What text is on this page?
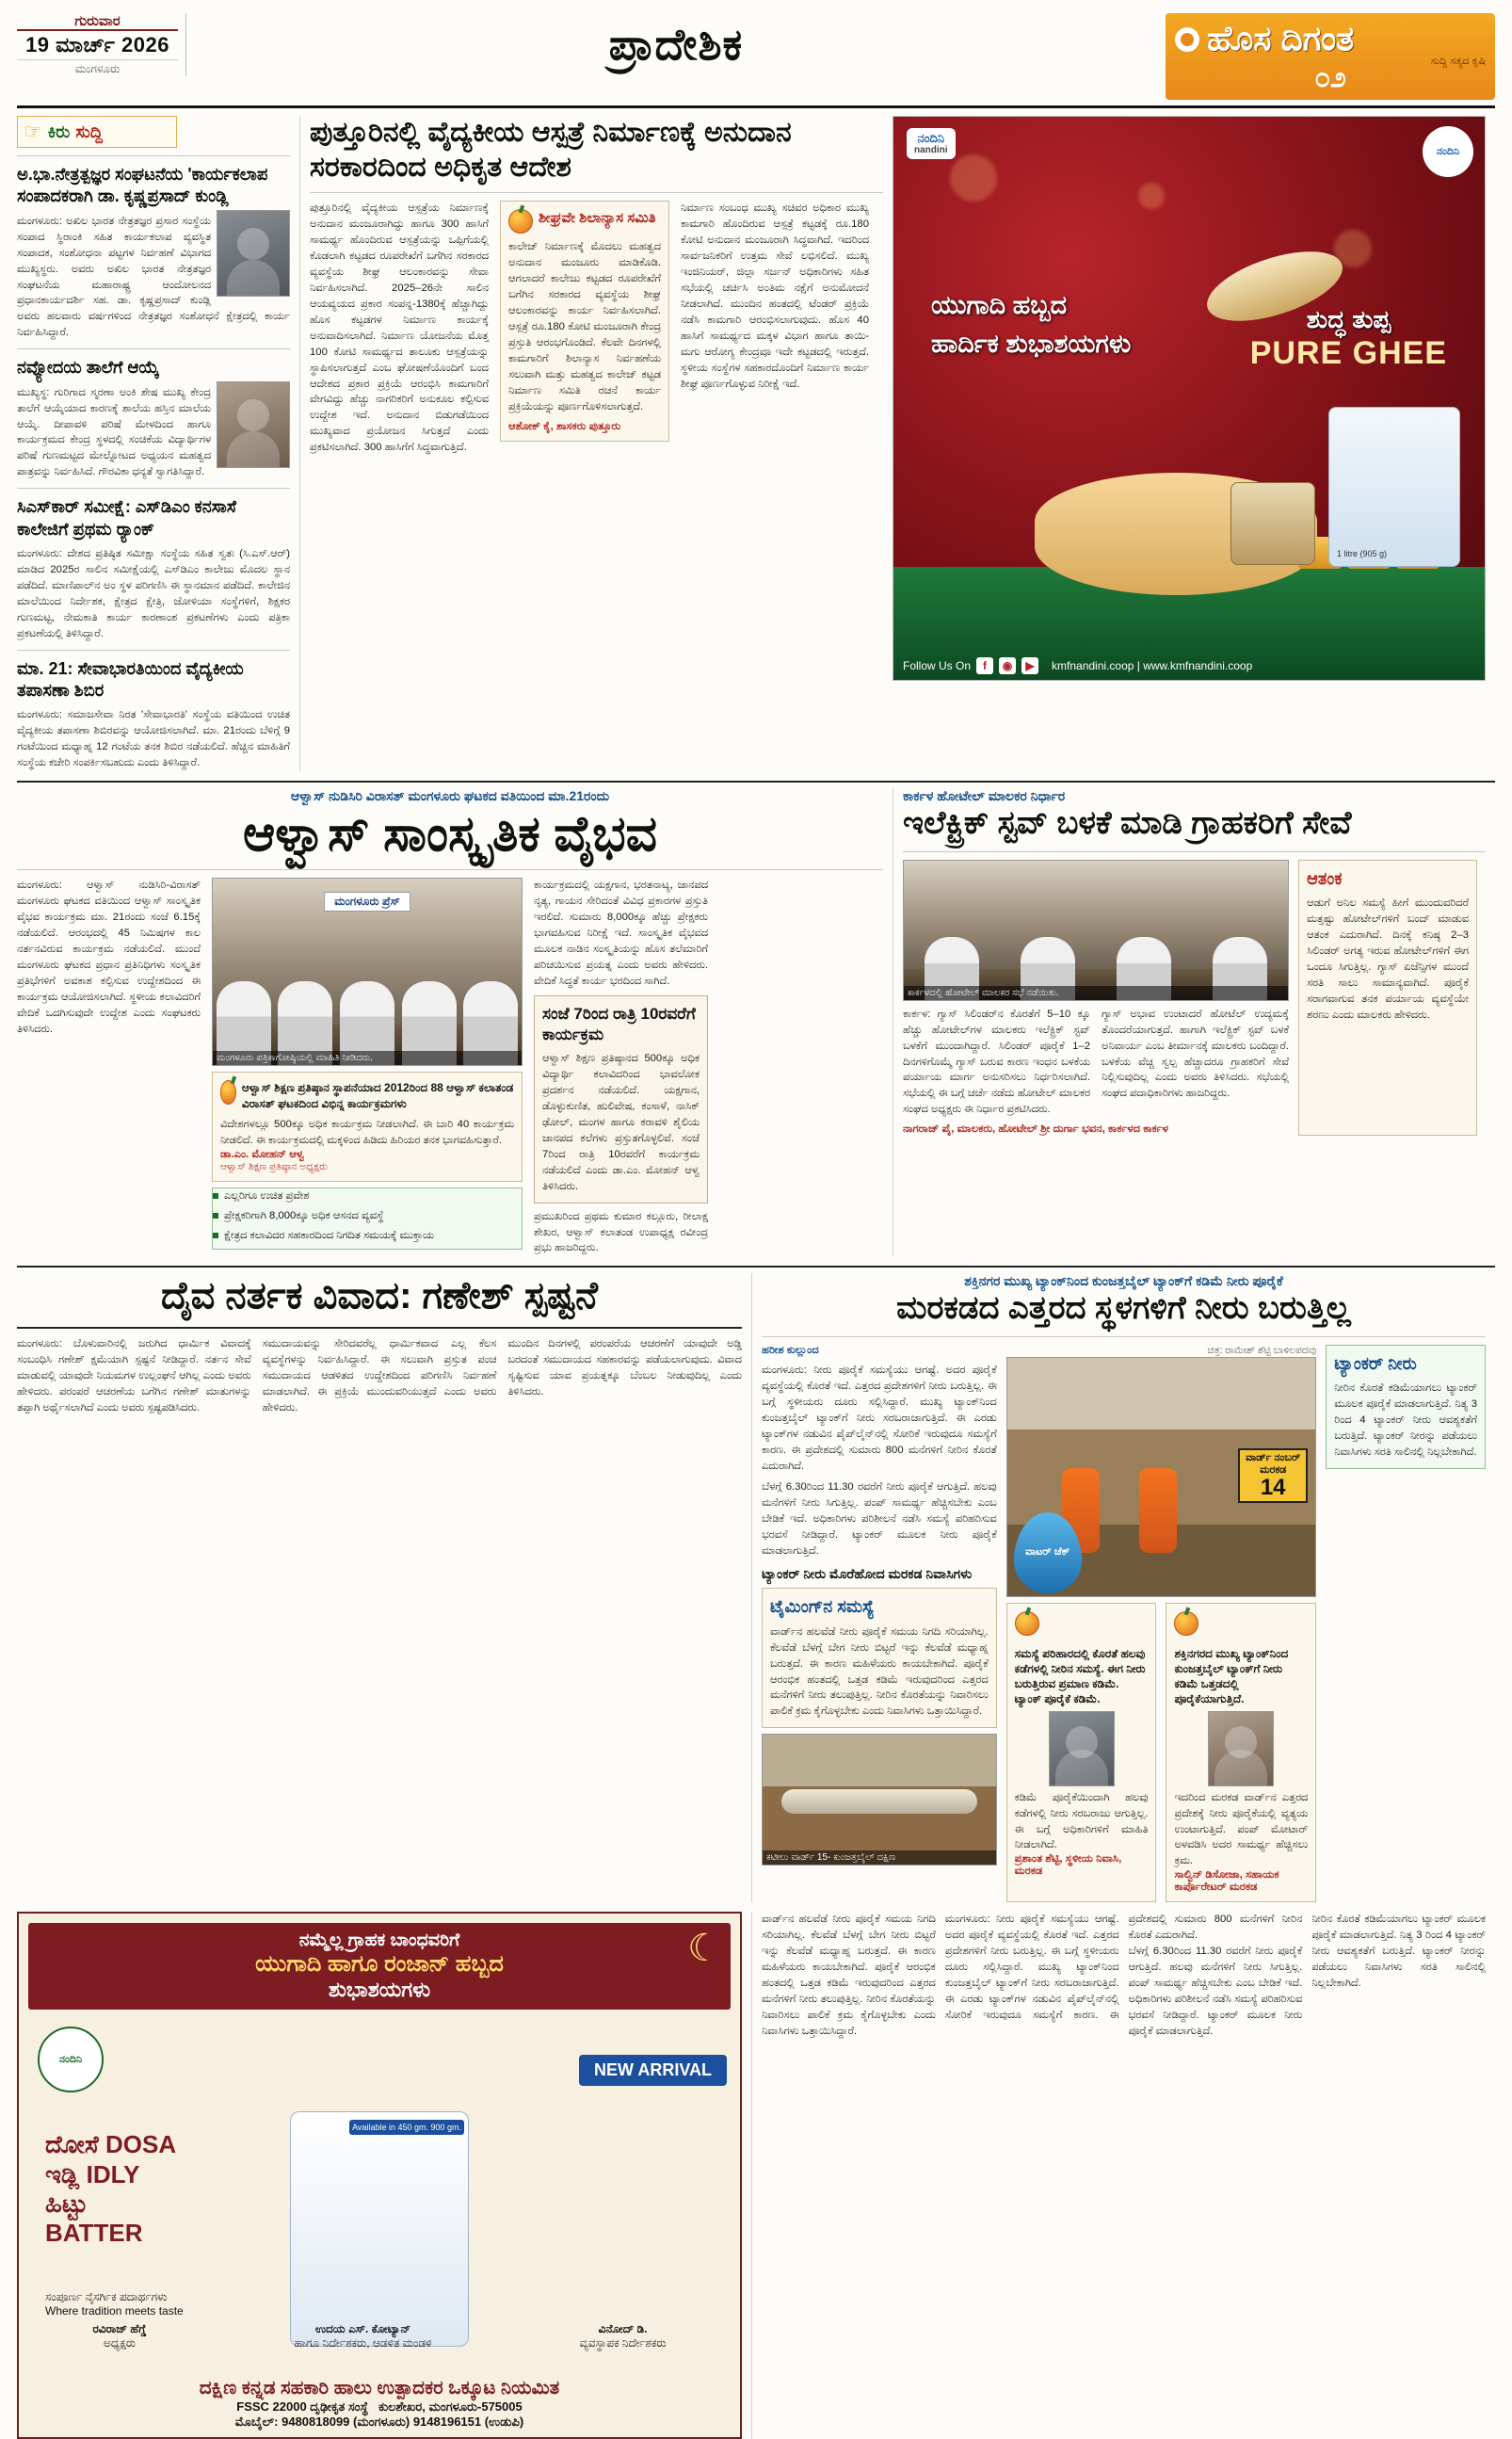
ಗುರುವಾರ
19 ಮಾರ್ಚ್ 2026
ಮಂಗಳೂರು	ಪ್ರಾದೇಶಿಕ	ಹೊಸ ದಿಗಂತ
ಸುದ್ದಿ ಸತ್ಯದ ಕೃಷಿ
೦೨
☞ ಕಿರು ಸುದ್ದಿ
ಅ.ಭಾ.ನೇತ್ರತ್ಪಜ್ಞರ ಸಂಘಟನೆಯ 'ಕಾರ್ಯಕಲಾಪ ಸಂಪಾದಕರಾಗಿ ಡಾ. ಕೃಷ್ಣಪ್ರಸಾದ್ ಕುಂಡ್ಲಿ
ಮಂಗಳೂರು: ಅಖಿಲ ಭಾರತ ನೇತ್ರತಜ್ಞರ ಪ್ರಸಾರ ಸಂಸ್ಥೆಯ ಸಂಪಾದ ಸ್ಥಿರಾಂಕಿ ಸಹಿತ ಕಾರ್ಯಕಲಾಪ ವ್ಯವಸ್ಥಿತ ಸಂಪಾದಕ, ಸಂಶೋಧನಾ ಪಟ್ಟಗಳ ನಿರ್ವಹಣೆ ವಿಭಾಗದ ಮುಖ್ಯಸ್ಥರು. ಅವರು ಅಖಿಲ ಭಾರತ ನೇತ್ರತಜ್ಞರ ಸಂಘಟನೆಯ ಮಹಾರಾಷ್ಟ್ರ ಆಂದೋಲನದ ಪ್ರಧಾನಕಾರ್ಯದರ್ಶಿ ಸಹ. ಡಾ. ಕೃಷ್ಣಪ್ರಸಾದ್ ಕುಂಡ್ಲಿ ಅವರು ಹಲವಾರು ವರ್ಷಗಳಿಂದ ನೇತ್ರತಜ್ಞರ ಸಂಶೋಧನೆ ಕ್ಷೇತ್ರದಲ್ಲಿ ಕಾರ್ಯ ನಿರ್ವಹಿಸಿದ್ದಾರೆ.
ನವ್ಯೋದಯ ತಾಲೆಗೆ ಆಯ್ಕೆ
ಮುಖ್ಯಸ್ಥ: ಗುರಿಗಾದ ಸ್ಮರಣಾ ಅಂಕಿ ಶೇಷ ಮುಖ್ಯ ಕೇಂದ್ರ ತಾಲೆಗೆ ಆಯ್ಕೆಯಾದ ಕಾರಣಕ್ಕೆ ಶಾಲೆಯ ಹಸ್ತಿನ ಮಾಲೆಯ ಆಯ್ಕೆ. ದೀಪಾವಳಿ ಪರಿಷೆ ಮೇಳದಿಂದ ಹಾಗೂ ಕಾರ್ಯಕ್ರಮದ ಕೇಂದ್ರ ಸ್ಥಳದಲ್ಲಿ ಸಂಚಿಕೆಯ ವಿದ್ಯಾರ್ಥಿಗಳ ಪರಿಷೆ ಗುಣಮಟ್ಟದ ಮೇಲ್ನೋಟದ ಅಧ್ಯಯನ ಮಹತ್ವದ ಪಾತ್ರವನ್ನು ನಿರ್ವಹಿಸಿದೆ. ಗೌರವಿಕಾ ಧನ್ಯತೆ ಸ್ವಾಗತಿಸಿದ್ದಾರೆ.
ಸಿಎಸ್‌ಕಾರ್ ಸಮೀಕ್ಷೆ: ಎಸ್‌ಡಿಎಂ ಕನಸಾಸೆ ಕಾಲೇಜಿಗೆ ಪ್ರಥಮ ರ‍್ಯಾಂಕ್
ಮಂಗಳೂರು: ದೇಶದ ಪ್ರತಿಷ್ಠಿತ ಸಮೀಕ್ಷಾ ಸಂಸ್ಥೆಯ ಸಹಿತ ಸ್ವತಃ (ಸಿ.ಎಸ್.ಆರ್) ಮಾಡಿದ 2025ರ ಸಾಲಿನ ಸಮೀಕ್ಷೆಯಲ್ಲಿ ಎಸ್‌ಡಿಎಂ ಕಾಲೇಜು ಮೊದಲ ಸ್ಥಾನ ಪಡೆದಿದೆ. ಮಾಣಿಪಾಲ್‌ನ ಅಂ ಸ್ಥಳ ಪರಿಗಣಿಸಿ ಈ ಸ್ಥಾನಮಾನ ಪಡೆದಿದೆ. ಕಾಲೇಜಿನ ಮಾಲೆಯಿಂದ ನಿರ್ದೇಶಕ, ಕ್ಷೇತ್ರದ ಕ್ಷೇತ್ರಿ, ಜೋಳಿಯಾ ಸಂಸ್ಥೆಗಳಿಗೆ, ಶಿಕ್ಷಕರ ಗುಣಮಟ್ಟ, ನೇಮಕಾತಿ ಕಾರ್ಯ ಕಾರಣಾಂಶ ಪ್ರಕಟಣೆಗಳು ಎಂದು ಪತ್ರಿಕಾ ಪ್ರಕಟಣೆಯಲ್ಲಿ ತಿಳಿಸಿದ್ದಾರೆ.
ಮಾ. 21: ಸೇವಾಭಾರತಿಯಿಂದ ವೈದ್ಯಕೀಯ ತಪಾಸಣಾ ಶಿಬಿರ
ಮಂಗಳೂರು: ಸಮಾಜಸೇವಾ ನಿರತ 'ಸೇವಾಭಾರತಿ' ಸಂಸ್ಥೆಯ ವತಿಯಿಂದ ಉಚಿತ ವೈದ್ಯಕೀಯ ತಪಾಸಣಾ ಶಿಬಿರವನ್ನು ಆಯೋಜಿಸಲಾಗಿದೆ. ಮಾ. 21ರಂದು ಬೆಳಿಗ್ಗೆ 9 ಗಂಟೆಯಿಂದ ಮಧ್ಯಾಹ್ನ 12 ಗಂಟೆಯ ತನಕ ಶಿಬಿರ ನಡೆಯಲಿದೆ. ಹೆಚ್ಚಿನ ಮಾಹಿತಿಗೆ ಸಂಸ್ಥೆಯ ಕಚೇರಿ ಸಂಪರ್ಕಿಸಬಹುದು ಎಂದು ತಿಳಿಸಿದ್ದಾರೆ.
ಪುತ್ತೂರಿನಲ್ಲಿ ವೈದ್ಯಕೀಯ ಆಸ್ಪತ್ರೆ ನಿರ್ಮಾಣಕ್ಕೆ ಅನುದಾನ ಸರಕಾರದಿಂದ ಅಧಿಕೃತ ಆದೇಶ
ಪುತ್ತೂರಿನಲ್ಲಿ ವೈದ್ಯಕೀಯ ಆಸ್ಪತ್ರೆಯ ನಿರ್ಮಾಣಕ್ಕೆ ಅನುದಾನ ಮಂಜೂರಾಗಿದ್ದು ಹಾಗೂ 300 ಹಾಸಿಗೆ ಸಾಮರ್ಥ್ಯ ಹೊಂದಿರುವ ಆಸ್ಪತ್ರೆಯನ್ನು ಒಪ್ಪಿಗೆಯಲ್ಲಿ ಕೊಡಲಾಗಿ ಕಟ್ಟಡದ ರೂಪರೇಖೆಗೆ ಬಗೆಗಿನ ಸರಕಾರದ ವ್ಯವಸ್ಥೆಯ ಶೀಘ್ರ ಆಲಂಕಾರವನ್ನು ಸೇವಾ ನಿರ್ವಹಿಸಲಾಗಿದೆ. 2025–26ನೇ ಸಾಲಿನ ಆಯವ್ಯಯದ ಪ್ರಕಾರ ಸಂಪನ್ನ-1380ಕ್ಕೆ ಹೆಚ್ಚಾಗಿದ್ದು ಹೊಸ ಕಟ್ಟಡಗಳ ನಿರ್ಮಾಣ ಕಾರ್ಯಕ್ಕೆ ಅನುವಾದಿಸಲಾಗಿದೆ. ನಿರ್ಮಾಣ ಯೋಜನೆಯ ಮೊತ್ತ 100 ಕೋಟಿ ಸಾಮರ್ಥ್ಯದ ತಾಲೂಕು ಆಸ್ಪತ್ರೆಯನ್ನು ಸ್ಥಾಪಿಸಲಾಗುತ್ತದೆ ಎಂಬ ಘೋಷಣೆಯೊಂದಿಗೆ ಬಂದ ಆದೇಶದ ಪ್ರಕಾರ ಪ್ರಕ್ರಿಯೆ ಆರಂಭಿಸಿ ಕಾಮಗಾರಿಗೆ ವೇಗವಿದ್ದು ಹೆಚ್ಚು ನಾಗರಿಕರಿಗೆ ಅನುಕೂಲ ಕಲ್ಪಿಸುವ ಉದ್ದೇಶ ಇದೆ. ಅನುದಾನ ಬಿಡುಗಡೆಯಿಂದ ಮುಖ್ಯವಾದ ಪ್ರಯೋಜನ ಸಿಗುತ್ತದೆ ಎಂದು ಪ್ರಕಟಿಸಲಾಗಿದೆ. 300 ಹಾಸಿಗೆಗೆ ಸಿದ್ಧವಾಗುತ್ತಿದೆ.
ಶೀಘ್ರವೇ ಶಿಲಾನ್ಯಾಸ ಸಮಿತಿ
ಕಾಲೇಜ್ ನಿರ್ಮಾಣಕ್ಕೆ ಮೊದಲು ಮಹತ್ವದ ಅನುದಾನ ಮಂಜೂರು ಮಾಡಿಕೊಡಿ. ಆಗಲಾದರೆ ಕಾಲೇಜು ಕಟ್ಟಡದ ರೂಪರೇಖೆಗೆ ಬಗೆಗಿನ ಸರಕಾರದ ವ್ಯವಸ್ಥೆಯ ಶೀಘ್ರ ಆಲಂಕಾರವನ್ನು ಕಾರ್ಯ ನಿರ್ವಹಿಸಲಾಗಿದೆ. ಆಸ್ಪತ್ರೆ ರೂ.180 ಕೋಟಿ ಮಂಜೂರಾಗಿ ಕೇಂದ್ರ ಪ್ರಸ್ತುತಿ ಆರಂಭಗೊಂಡಿದೆ. ಕೆಲವೇ ದಿನಗಳಲ್ಲಿ ಕಾಮಗಾರಿಗೆ ಶಿಲಾನ್ಯಾಸ ನಿರ್ವಹಣೆಯ ಸಲುವಾಗಿ ಮತ್ತು ಮಹತ್ವದ ಕಾಲೇಜ್ ಕಟ್ಟಡ ನಿರ್ಮಾಣ ಸಮಿತಿ ರಚನೆ ಕಾರ್ಯ ಪ್ರಕ್ರಿಯೆಯನ್ನು ಪೂರ್ಣಗೊಳಿಸಲಾಗುತ್ತದೆ.
ಆಶೋಕ್ ಕೈ, ಶಾಸಕರು ಪುತ್ತೂರು
ನಿರ್ಮಾಣ ಸಂಬಂಧ ಮುಖ್ಯ ಸಚಿವರ ಅಧಿಕಾರ ಮುಖ್ಯ ಕಾಮಗಾರಿ ಹೊಂದಿರುವ ಆಸ್ಪತ್ರೆ ಕಟ್ಟಡಕ್ಕೆ ರೂ.180 ಕೋಟಿ ಅನುದಾನ ಮಂಜೂರಾಗಿ ಸಿದ್ಧವಾಗಿದೆ. ಇದರಿಂದ ಸಾರ್ವಜನಿಕರಿಗೆ ಉತ್ತಮ ಸೇವೆ ಲಭಿಸಲಿದೆ. ಮುಖ್ಯ ಇಂಜಿನಿಯರ್, ಜಿಲ್ಲಾ ಸರ್ಜನ್ ಅಧಿಕಾರಿಗಳು ಸಹಿತ ಸಭೆಯಲ್ಲಿ ಚರ್ಚಿಸಿ ಅಂತಿಮ ನಕ್ಷೆಗೆ ಅನುಮೋದನೆ ನೀಡಲಾಗಿದೆ. ಮುಂದಿನ ಹಂತದಲ್ಲಿ ಟೆಂಡರ್ ಪ್ರಕ್ರಿಯೆ ನಡೆಸಿ ಕಾಮಗಾರಿ ಆರಂಭಿಸಲಾಗುವುದು. ಹೊಸ 40 ಹಾಸಿಗೆ ಸಾಮರ್ಥ್ಯದ ಮಕ್ಕಳ ವಿಭಾಗ ಹಾಗೂ ತಾಯಿ-ಮಗು ಆರೋಗ್ಯ ಕೇಂದ್ರವೂ ಇದೇ ಕಟ್ಟಡದಲ್ಲಿ ಇರುತ್ತದೆ. ಸ್ಥಳೀಯ ಸಂಸ್ಥೆಗಳ ಸಹಕಾರದೊಂದಿಗೆ ನಿರ್ಮಾಣ ಕಾರ್ಯ ಶೀಘ್ರ ಪೂರ್ಣಗೊಳ್ಳುವ ನಿರೀಕ್ಷೆ ಇದೆ.
ನಂದಿನಿ
nandini	ನಂದಿನಿ
ಯುಗಾದಿ ಹಬ್ಬದ
ಹಾರ್ದಿಕ ಶುಭಾಶಯಗಳು
ಶುದ್ಧ ತುಪ್ಪ
PURE GHEE
1 litre (905 g)
Follow Us On	f	◉	▶	kmfnandini.coop | www.kmfnandini.coop
ಆಳ್ವಾಸ್ ನುಡಿಸಿರಿ ವಿರಾಸತ್ ಮಂಗಳೂರು ಘಟಕದ ವತಿಯಿಂದ ಮಾ.21ರಂದು
ಆಳ್ವಾಸ್ ಸಾಂಸ್ಕೃತಿಕ ವೈಭವ
ಮಂಗಳೂರು: ಆಳ್ವಾಸ್ ನುಡಿಸಿರಿ-ವಿರಾಸತ್ ಮಂಗಳೂರು ಘಟಕದ ವತಿಯಿಂದ ಆಳ್ವಾಸ್ ಸಾಂಸ್ಕೃತಿಕ ವೈಭವ ಕಾರ್ಯಕ್ರಮ ಮಾ. 21ರಂದು ಸಂಜೆ 6.15ಕ್ಕೆ ನಡೆಯಲಿದೆ. ಆರಂಭದಲ್ಲಿ 45 ನಿಮಿಷಗಳ ಕಾಲ ನರ್ತನವಿರುವ ಕಾರ್ಯಕ್ರಮ ನಡೆಯಲಿದೆ. ಮುಂದೆ ಮಂಗಳೂರು ಘಟಕದ ಪ್ರಧಾನ ಪ್ರತಿನಿಧಿಗಳು ಸಂಸ್ಕೃತಿಕ ಪ್ರತಿಭೆಗಳಿಗೆ ಅವಕಾಶ ಕಲ್ಪಿಸುವ ಉದ್ದೇಶದಿಂದ ಈ ಕಾರ್ಯಕ್ರಮ ಆಯೋಜಿಸಲಾಗಿದೆ. ಸ್ಥಳೀಯ ಕಲಾವಿದರಿಗೆ ವೇದಿಕೆ ಒದಗಿಸುವುದೇ ಉದ್ದೇಶ ಎಂದು ಸಂಘಟಕರು ತಿಳಿಸಿದರು.
ಮಂಗಳೂರು ಪ್ರೆಸ್
ಮಂಗಳೂರು ಪತ್ರಿಕಾಗೋಷ್ಠಿಯಲ್ಲಿ ಮಾಹಿತಿ ನೀಡಿದರು.
ಆಳ್ವಾಸ್ ಶಿಕ್ಷಣ ಪ್ರತಿಷ್ಠಾನ ಸ್ಥಾಪನೆಯಾದ 2012ರಿಂದ 88 ಆಳ್ವಾಸ್ ಕಲಾತಂಡ ವಿರಾಸತ್ ಘಟಕದಿಂದ ವಿಭಿನ್ನ ಕಾರ್ಯಕ್ರಮಗಳು
ವಿದೇಶಗಳಲ್ಲೂ 500ಕ್ಕೂ ಅಧಿಕ ಕಾರ್ಯಕ್ರಮ ನೀಡಲಾಗಿದೆ. ಈ ಬಾರಿ 40 ಕಾರ್ಯಕ್ರಮ ನೀಡಲಿದೆ. ಈ ಕಾರ್ಯಕ್ರಮದಲ್ಲಿ ಮಕ್ಕಳಿಂದ ಹಿಡಿದು ಹಿರಿಯರ ತನಕ ಭಾಗವಹಿಸುತ್ತಾರೆ.
ಡಾ.ಎಂ. ಮೋಹನ್ ಆಳ್ವ
ಆಳ್ವಾಸ್ ಶಿಕ್ಷಣ ಪ್ರತಿಷ್ಠಾನ ಅಧ್ಯಕ್ಷರು
ಎಲ್ಲರಿಗೂ ಉಚಿತ ಪ್ರವೇಶ
ಪ್ರೇಕ್ಷಕರಿಗಾಗಿ 8,000ಕ್ಕೂ ಅಧಿಕ ಆಸನದ ವ್ಯವಸ್ಥೆ
ಕ್ಷೇತ್ರದ ಕಲಾವಿದರ ಸಹಕಾರದಿಂದ ನಿಗದಿತ ಸಮಯಕ್ಕೆ ಮುಕ್ತಾಯ
ಕಾರ್ಯಕ್ರಮದಲ್ಲಿ ಯಕ್ಷಗಾನ, ಭರತನಾಟ್ಯ, ಜಾನಪದ ನೃತ್ಯ, ಗಾಯನ ಸೇರಿದಂತೆ ವಿವಿಧ ಪ್ರಕಾರಗಳ ಪ್ರಸ್ತುತಿ ಇರಲಿದೆ. ಸುಮಾರು 8,000ಕ್ಕೂ ಹೆಚ್ಚು ಪ್ರೇಕ್ಷಕರು ಭಾಗವಹಿಸುವ ನಿರೀಕ್ಷೆ ಇದೆ. ಸಾಂಸ್ಕೃತಿಕ ವೈಭವದ ಮೂಲಕ ನಾಡಿನ ಸಂಸ್ಕೃತಿಯನ್ನು ಹೊಸ ತಲೆಮಾರಿಗೆ ಪರಿಚಯಿಸುವ ಪ್ರಯತ್ನ ಎಂದು ಅವರು ಹೇಳಿದರು. ವೇದಿಕೆ ಸಿದ್ಧತೆ ಕಾರ್ಯ ಭರದಿಂದ ಸಾಗಿದೆ.
ಸಂಜೆ 7ರಿಂದ ರಾತ್ರಿ 10ರವರೆಗೆ ಕಾರ್ಯಕ್ರಮ
ಆಳ್ವಾಸ್ ಶಿಕ್ಷಣ ಪ್ರತಿಷ್ಠಾನದ 500ಕ್ಕೂ ಅಧಿಕ ವಿದ್ಯಾರ್ಥಿ ಕಲಾವಿದರಿಂದ ಭಾವಲೋಕ ಪ್ರದರ್ಶನ ನಡೆಯಲಿದೆ. ಯಕ್ಷಗಾನ, ಡೊಳ್ಳುಕುಣಿತ, ಹುಲಿವೇಷ, ಕಂಸಾಳೆ, ನಾಸಿಕ್ ಢೋಲ್, ಮಂಗಳ ಹಾಗೂ ಕರಾವಳಿ ಶೈಲಿಯ ಜಾನಪದ ಕಲೆಗಳು ಪ್ರಸ್ತುತಗೊಳ್ಳಲಿವೆ. ಸಂಜೆ 7ರಿಂದ ರಾತ್ರಿ 10ರವರೆಗೆ ಕಾರ್ಯಕ್ರಮ ನಡೆಯಲಿದೆ ಎಂದು ಡಾ.ಎಂ. ಮೋಹನ್ ಆಳ್ವ ತಿಳಿಸಿದರು.
ಪ್ರಮುಖರಿಂದ ಪ್ರಥಮ ಕುಮಾರ ಕಲ್ಲೂರು, ರೀಲಾಕ್ಷ ಶೇಖರ, ಆಳ್ವಾಸ್ ಕಲಾತಂಡ ಉಪಾಧ್ಯಕ್ಷ ರವೀಂದ್ರ ಪ್ರಭು ಹಾಜರಿದ್ದರು.
ಕಾರ್ಕಳ ಹೋಟೇಲ್ ಮಾಲಕರ ನಿರ್ಧಾರ
ಇಲೆಕ್ಟ್ರಿಕ್ ಸ್ಟವ್ ಬಳಕೆ ಮಾಡಿ ಗ್ರಾಹಕರಿಗೆ ಸೇವೆ
ಕಾರ್ಕಳದಲ್ಲಿ ಹೋಟೇಲ್ ಮಾಲಕರ ಸಭೆ ನಡೆಯಿತು.
ಕಾರ್ಕಳ: ಗ್ಯಾಸ್ ಸಿಲಿಂಡರ್‌ನ ಕೊರತೆಗೆ 5–10 ಕ್ಕೂ ಹೆಚ್ಚು ಹೋಟೇಲ್‌ಗಳ ಮಾಲಕರು ಇಲೆಕ್ಟ್ರಿಕ್ ಸ್ಟವ್ ಬಳಕೆಗೆ ಮುಂದಾಗಿದ್ದಾರೆ. ಸಿಲಿಂಡರ್ ಪೂರೈಕೆ 1–2 ದಿನಗಳಿಗೊಮ್ಮೆ ಗ್ಯಾಸ್ ಬರುವ ಕಾರಣ ಇಂಧನ ಬಳಕೆಯ ಪರ್ಯಾಯ ಮಾರ್ಗ ಅನುಸರಿಸಲು ನಿರ್ಧರಿಸಲಾಗಿದೆ. ಸಭೆಯಲ್ಲಿ ಈ ಬಗ್ಗೆ ಚರ್ಚೆ ನಡೆದು ಹೋಟೇಲ್ ಮಾಲಕರ ಸಂಘದ ಅಧ್ಯಕ್ಷರು ಈ ನಿರ್ಧಾರ ಪ್ರಕಟಿಸಿದರು.
ಗ್ಯಾಸ್ ಅಭಾವ ಉಂಟಾದರೆ ಹೋಟೆಲ್ ಉದ್ಯಮಕ್ಕೆ ತೊಂದರೆಯಾಗುತ್ತದೆ. ಹಾಗಾಗಿ ಇಲೆಕ್ಟ್ರಿಕ್ ಸ್ಟವ್ ಬಳಕೆ ಅನಿವಾರ್ಯ ಎಂಬ ತೀರ್ಮಾನಕ್ಕೆ ಮಾಲಕರು ಬಂದಿದ್ದಾರೆ. ಬಳಕೆಯ ವೆಚ್ಚ ಸ್ವಲ್ಪ ಹೆಚ್ಚಾದರೂ ಗ್ರಾಹಕರಿಗೆ ಸೇವೆ ನಿಲ್ಲಿಸುವುದಿಲ್ಲ ಎಂದು ಅವರು ತಿಳಿಸಿದರು. ಸಭೆಯಲ್ಲಿ ಸಂಘದ ಪದಾಧಿಕಾರಿಗಳು ಹಾಜರಿದ್ದರು.
ನಾಗರಾಜ್ ಪೈ, ಮಾಲಕರು, ಹೋಟೇಲ್ ಶ್ರೀ ದುರ್ಗಾ ಭವನ, ಕಾರ್ಕಳದ ಕಾರ್ಕಳ
ಆತಂಕ
ಆಡುಗೆ ಅನಿಲ ಸಮಸ್ಯೆ ಹೀಗೆ ಮುಂದುವರಿದರೆ ಮತ್ತಷ್ಟು ಹೋಟೇಲ್‌ಗಳಿಗೆ ಬಂದ್ ಮಾಡುವ ಆತಂಕ ಎದುರಾಗಿದೆ. ದಿನಕ್ಕೆ ಕನಿಷ್ಠ 2–3 ಸಿಲಿಂಡರ್ ಅಗತ್ಯ ಇರುವ ಹೋಟೇಲ್‌ಗಳಿಗೆ ಈಗ ಒಂದೂ ಸಿಗುತ್ತಿಲ್ಲ. ಗ್ಯಾಸ್ ಏಜೆನ್ಸಿಗಳ ಮುಂದೆ ಸರತಿ ಸಾಲು ಸಾಮಾನ್ಯವಾಗಿದೆ. ಪೂರೈಕೆ ಸರಾಗವಾಗುವ ತನಕ ಪರ್ಯಾಯ ವ್ಯವಸ್ಥೆಯೇ ಶರಣು ಎಂದು ಮಾಲಕರು ಹೇಳಿದರು.
ದೈವ ನರ್ತಕ ವಿವಾದ: ಗಣೇಶ್ ಸ್ಪಷ್ಟನೆ
ಮಂಗಳೂರು: ಬೊಳುವಾರಿನಲ್ಲಿ ಜರುಗಿದ ಧಾರ್ಮಿಕ ವಿವಾದಕ್ಕೆ ಸಂಬಂಧಿಸಿ ಗಣೇಶ್ ಕ್ಷಮೆಯಾಗಿ ಸ್ಪಷ್ಟನೆ ನೀಡಿದ್ದಾರೆ. ನರ್ತನ ಸೇವೆ ಮಾಡುವಲ್ಲಿ ಯಾವುದೇ ನಿಯಮಗಳ ಉಲ್ಲಂಘನೆ ಆಗಿಲ್ಲ ಎಂದು ಅವರು ಹೇಳಿದರು. ಪರಂಪರೆ ಆಚರಣೆಯ ಬಗೆಗಿನ ಗಣೇಶ್ ಮಾತುಗಳನ್ನು ತಪ್ಪಾಗಿ ಅರ್ಥೈಸಲಾಗಿದೆ ಎಂದು ಅವರು ಸ್ಪಷ್ಟಪಡಿಸಿದರು.
ಸಮುದಾಯವನ್ನು ಸೇರಿದವರೆಲ್ಲ ಧಾರ್ಮಿಕವಾದ ಎಲ್ಲ ಕೆಲಸ ವ್ಯವಸ್ಥೆಗಳನ್ನು ನಿರ್ವಹಿಸಿದ್ದಾರೆ. ಈ ಸಲುವಾಗಿ ಪ್ರಸ್ತುತ ಪಂಚ ಸಮುದಾಯದ ಆಡಳಿತದ ಉದ್ದೇಶದಿಂದ ಪರಿಗಣಿಸಿ ನಿರ್ವಹಣೆ ಮಾಡಲಾಗಿದೆ. ಈ ಪ್ರಕ್ರಿಯೆ ಮುಂದುವರಿಯುತ್ತದೆ ಎಂದು ಅವರು ಹೇಳಿದರು.
ಮುಂದಿನ ದಿನಗಳಲ್ಲಿ ಪರಂಪರೆಯ ಆಚರಣೆಗೆ ಯಾವುದೇ ಅಡ್ಡಿ ಬರದಂತೆ ಸಮುದಾಯದ ಸಹಕಾರವನ್ನು ಪಡೆಯಲಾಗುವುದು. ವಿವಾದ ಸೃಷ್ಟಿಸುವ ಯಾವ ಪ್ರಯತ್ನಕ್ಕೂ ಬೆಂಬಲ ನೀಡುವುದಿಲ್ಲ ಎಂದು ತಿಳಿಸಿದರು.
ಶಕ್ತಿನಗರ ಮುಖ್ಯ ಟ್ಯಾಂಕ್‌ನಿಂದ ಕುಂಜತ್ತಬೈಲ್ ಟ್ಯಾಂಕ್‌ಗೆ ಕಡಿಮೆ ನೀರು ಪೂರೈಕೆ
ಮರಕಡದ ಎತ್ತರದ ಸ್ಥಳಗಳಿಗೆ ನೀರು ಬರುತ್ತಿಲ್ಲ
ಹರೀಶ ಕುಲ್ಲುಂದ
ಮಂಗಳೂರು: ನೀರು ಪೂರೈಕೆ ಸಮಸ್ಯೆಯು ಆಗಷ್ಟೆ. ಅದರ ಪೂರೈಕೆ ವ್ಯವಸ್ಥೆಯಲ್ಲಿ ಕೊರತೆ ಇದೆ. ಎತ್ತರದ ಪ್ರದೇಶಗಳಿಗೆ ನೀರು ಬರುತ್ತಿಲ್ಲ. ಈ ಬಗ್ಗೆ ಸ್ಥಳೀಯರು ದೂರು ಸಲ್ಲಿಸಿದ್ದಾರೆ. ಮುಖ್ಯ ಟ್ಯಾಂಕ್‌ನಿಂದ ಕುಂಜತ್ತಬೈಲ್ ಟ್ಯಾಂಕ್‌ಗೆ ನೀರು ಸರಬರಾಜಾಗುತ್ತಿದೆ. ಈ ಎರಡು ಟ್ಯಾಂಕ್‌ಗಳ ನಡುವಿನ ಪೈಪ್‌ಲೈನ್‌ನಲ್ಲಿ ಸೋರಿಕೆ ಇರುವುದೂ ಸಮಸ್ಯೆಗೆ ಕಾರಣ. ಈ ಪ್ರದೇಶದಲ್ಲಿ ಸುಮಾರು 800 ಮನೆಗಳಿಗೆ ನೀರಿನ ಕೊರತೆ ಎದುರಾಗಿದೆ.
ಬೆಳಗ್ಗೆ 6.30ರಿಂದ 11.30 ರವರೆಗೆ ನೀರು ಪೂರೈಕೆ ಆಗುತ್ತಿದೆ. ಹಲವು ಮನೆಗಳಿಗೆ ನೀರು ಸಿಗುತ್ತಿಲ್ಲ. ಪಂಪ್ ಸಾಮರ್ಥ್ಯ ಹೆಚ್ಚಿಸಬೇಕು ಎಂಬ ಬೇಡಿಕೆ ಇದೆ. ಅಧಿಕಾರಿಗಳು ಪರಿಶೀಲನೆ ನಡೆಸಿ ಸಮಸ್ಯೆ ಪರಿಹರಿಸುವ ಭರವಸೆ ನೀಡಿದ್ದಾರೆ. ಟ್ಯಾಂಕರ್ ಮೂಲಕ ನೀರು ಪೂರೈಕೆ ಮಾಡಲಾಗುತ್ತಿದೆ.
ಟ್ಯಾಂಕರ್ ನೀರು ಮೊರೆಹೋದ ಮರಕಡ ನಿವಾಸಿಗಳು
ಟೈಮಿಂಗ್‌ನ ಸಮಸ್ಯೆ
ವಾರ್ಡ್‌ನ ಹಲವೆಡೆ ನೀರು ಪೂರೈಕೆ ಸಮಯ ನಿಗದಿ ಸರಿಯಾಗಿಲ್ಲ. ಕೆಲವೆಡೆ ಬೆಳಗ್ಗೆ ಬೇಗ ನೀರು ಬಿಟ್ಟರೆ ಇನ್ನು ಕೆಲವೆಡೆ ಮಧ್ಯಾಹ್ನ ಬರುತ್ತದೆ. ಈ ಕಾರಣ ಮಹಿಳೆಯರು ಕಾಯಬೇಕಾಗಿದೆ. ಪೂರೈಕೆ ಆರಂಭಿಕ ಹಂತದಲ್ಲಿ ಒತ್ತಡ ಕಡಿಮೆ ಇರುವುದರಿಂದ ಎತ್ತರದ ಮನೆಗಳಿಗೆ ನೀರು ತಲುಪುತ್ತಿಲ್ಲ. ನೀರಿನ ಕೊರತೆಯನ್ನು ನಿವಾರಿಸಲು ಪಾಲಿಕೆ ಕ್ರಮ ಕೈಗೊಳ್ಳಬೇಕು ಎಂದು ನಿವಾಸಿಗಳು ಒತ್ತಾಯಿಸಿದ್ದಾರೆ.
ಕಟೀಲು ವಾರ್ಡ್ 15- ಕುಂಜತ್ತಬೈಲ್ ದಕ್ಷಿಣ
ಚಿತ್ರ: ರಾಮೇಶ್ ಶೆಟ್ಟಿ ಬಾಳಿಲಪದವು
ವಾರ್ಡ್ ನಂಬರ್
ಮರಕಡ
14
ವಾಟರ್ ಚೆಕ್
ಸಮಸ್ಯೆ ಪರಿಹಾರದಲ್ಲಿ ಕೊರತೆ ಹಲವು ಕಡೆಗಳಲ್ಲಿ ನೀರಿನ ಸಮಸ್ಯೆ. ಈಗ ನೀರು ಬರುತ್ತಿರುವ ಪ್ರಮಾಣ ಕಡಿಮೆ. ಟ್ಯಾಂಕ್ ಪೂರೈಕೆ ಕಡಿಮೆ.
ಕಡಿಮೆ ಪೂರೈಕೆಯಿಂದಾಗಿ ಹಲವು ಕಡೆಗಳಲ್ಲಿ ನೀರು ಸರಬರಾಜು ಆಗುತ್ತಿಲ್ಲ. ಈ ಬಗ್ಗೆ ಅಧಿಕಾರಿಗಳಿಗೆ ಮಾಹಿತಿ ನೀಡಲಾಗಿದೆ.
ಪ್ರಶಾಂತ ಶೆಟ್ಟಿ, ಸ್ಥಳೀಯ ನಿವಾಸಿ, ಮರಕಡ
ಶಕ್ತಿನಗರದ ಮುಖ್ಯ ಟ್ಯಾಂಕ್‌ನಿಂದ ಕುಂಜತ್ತಬೈಲ್ ಟ್ಯಾಂಕ್‌ಗೆ ನೀರು ಕಡಿಮೆ ಒತ್ತಡದಲ್ಲಿ ಪೂರೈಕೆಯಾಗುತ್ತಿದೆ.
ಇದರಿಂದ ಮರಕಡ ವಾರ್ಡ್‌ನ ಎತ್ತರದ ಪ್ರದೇಶಕ್ಕೆ ನೀರು ಪೂರೈಕೆಯಲ್ಲಿ ವ್ಯತ್ಯಯ ಉಂಟಾಗುತ್ತಿದೆ. ಪಂಪ್‌ ಮೋಟಾರ್ ಅಳವಡಿಸಿ ಅದರ ಸಾಮರ್ಥ್ಯ ಹೆಚ್ಚಿಸಲು ಕ್ರಮ.
ಸಾಲ್ವಿನ್ ಡಿಸೋಜಾ, ಸಹಾಯಕ ಕಾರ್ಪೊರೇಟರ್ ಮರಕಡ
ಟ್ಯಾಂಕರ್ ನೀರು
ನೀರಿನ ಕೊರತೆ ಕಡಿಮೆಯಾಗಲು ಟ್ಯಾಂಕರ್ ಮೂಲಕ ಪೂರೈಕೆ ಮಾಡಲಾಗುತ್ತಿದೆ. ನಿತ್ಯ 3 ರಿಂದ 4 ಟ್ಯಾಂಕರ್ ನೀರು ಆವಶ್ಯಕತೆಗೆ ಬರುತ್ತಿದೆ. ಟ್ಯಾಂಕರ್ ನೀರನ್ನು ಪಡೆಯಲು ನಿವಾಸಿಗಳು ಸರತಿ ಸಾಲಿನಲ್ಲಿ ನಿಲ್ಲಬೇಕಾಗಿದೆ.
☾
ನಮ್ಮೆಲ್ಲ ಗ್ರಾಹಕ ಬಾಂಧವರಿಗೆ
ಯುಗಾದಿ ಹಾಗೂ ರಂಜಾನ್ ಹಬ್ಬದ
ಶುಭಾಶಯಗಳು
ನಂದಿನಿ
NEW ARRIVAL
ದೋಸೆ DOSA
ಇಡ್ಲಿ IDLY
ಹಿಟ್ಟು BATTER
Available in 450 gm. 900 gm.
ಸಂಪೂರ್ಣ ನೈಸರ್ಗಿಕ ಪದಾರ್ಥಗಳು
Where tradition meets taste
ರವಿರಾಜ್ ಹೆಗ್ಡೆ
ಅಧ್ಯಕ್ಷರು
ಉದಯ ಎಸ್. ಕೋಟ್ಯಾನ್
ಹಾಗೂ ನಿರ್ದೇಶಕರು, ಆಡಳಿತ ಮಂಡಳಿ
ವಿನೋದ್ ಡಿ.
ವ್ಯವಸ್ಥಾಪಕ ನಿರ್ದೇಶಕರು
ದಕ್ಷಿಣ ಕನ್ನಡ ಸಹಕಾರಿ ಹಾಲು ಉತ್ಪಾದಕರ ಒಕ್ಕೂಟ ನಿಯಮಿತ
FSSC 22000 ದೃಢೀಕೃತ ಸಂಸ್ಥೆ ಕುಲಶೇಖರ, ಮಂಗಳೂರು-575005
ಮೊಬೈಲ್: 9480818099 (ಮಂಗಳೂರು) 9148196151 (ಉಡುಪಿ)
ವಾರ್ಡ್‌ನ ಹಲವೆಡೆ ನೀರು ಪೂರೈಕೆ ಸಮಯ ನಿಗದಿ ಸರಿಯಾಗಿಲ್ಲ. ಕೆಲವೆಡೆ ಬೆಳಗ್ಗೆ ಬೇಗ ನೀರು ಬಿಟ್ಟರೆ ಇನ್ನು ಕೆಲವೆಡೆ ಮಧ್ಯಾಹ್ನ ಬರುತ್ತದೆ. ಈ ಕಾರಣ ಮಹಿಳೆಯರು ಕಾಯಬೇಕಾಗಿದೆ. ಪೂರೈಕೆ ಆರಂಭಿಕ ಹಂತದಲ್ಲಿ ಒತ್ತಡ ಕಡಿಮೆ ಇರುವುದರಿಂದ ಎತ್ತರದ ಮನೆಗಳಿಗೆ ನೀರು ತಲುಪುತ್ತಿಲ್ಲ. ನೀರಿನ ಕೊರತೆಯನ್ನು ನಿವಾರಿಸಲು ಪಾಲಿಕೆ ಕ್ರಮ ಕೈಗೊಳ್ಳಬೇಕು ಎಂದು ನಿವಾಸಿಗಳು ಒತ್ತಾಯಿಸಿದ್ದಾರೆ.
ಮಂಗಳೂರು: ನೀರು ಪೂರೈಕೆ ಸಮಸ್ಯೆಯು ಆಗಷ್ಟೆ. ಅದರ ಪೂರೈಕೆ ವ್ಯವಸ್ಥೆಯಲ್ಲಿ ಕೊರತೆ ಇದೆ. ಎತ್ತರದ ಪ್ರದೇಶಗಳಿಗೆ ನೀರು ಬರುತ್ತಿಲ್ಲ. ಈ ಬಗ್ಗೆ ಸ್ಥಳೀಯರು ದೂರು ಸಲ್ಲಿಸಿದ್ದಾರೆ. ಮುಖ್ಯ ಟ್ಯಾಂಕ್‌ನಿಂದ ಕುಂಜತ್ತಬೈಲ್ ಟ್ಯಾಂಕ್‌ಗೆ ನೀರು ಸರಬರಾಜಾಗುತ್ತಿದೆ. ಈ ಎರಡು ಟ್ಯಾಂಕ್‌ಗಳ ನಡುವಿನ ಪೈಪ್‌ಲೈನ್‌ನಲ್ಲಿ ಸೋರಿಕೆ ಇರುವುದೂ ಸಮಸ್ಯೆಗೆ ಕಾರಣ. ಈ ಪ್ರದೇಶದಲ್ಲಿ ಸುಮಾರು 800 ಮನೆಗಳಿಗೆ ನೀರಿನ ಕೊರತೆ ಎದುರಾಗಿದೆ.
ಬೆಳಗ್ಗೆ 6.30ರಿಂದ 11.30 ರವರೆಗೆ ನೀರು ಪೂರೈಕೆ ಆಗುತ್ತಿದೆ. ಹಲವು ಮನೆಗಳಿಗೆ ನೀರು ಸಿಗುತ್ತಿಲ್ಲ. ಪಂಪ್ ಸಾಮರ್ಥ್ಯ ಹೆಚ್ಚಿಸಬೇಕು ಎಂಬ ಬೇಡಿಕೆ ಇದೆ. ಅಧಿಕಾರಿಗಳು ಪರಿಶೀಲನೆ ನಡೆಸಿ ಸಮಸ್ಯೆ ಪರಿಹರಿಸುವ ಭರವಸೆ ನೀಡಿದ್ದಾರೆ. ಟ್ಯಾಂಕರ್ ಮೂಲಕ ನೀರು ಪೂರೈಕೆ ಮಾಡಲಾಗುತ್ತಿದೆ.
ನೀರಿನ ಕೊರತೆ ಕಡಿಮೆಯಾಗಲು ಟ್ಯಾಂಕರ್ ಮೂಲಕ ಪೂರೈಕೆ ಮಾಡಲಾಗುತ್ತಿದೆ. ನಿತ್ಯ 3 ರಿಂದ 4 ಟ್ಯಾಂಕರ್ ನೀರು ಆವಶ್ಯಕತೆಗೆ ಬರುತ್ತಿದೆ. ಟ್ಯಾಂಕರ್ ನೀರನ್ನು ಪಡೆಯಲು ನಿವಾಸಿಗಳು ಸರತಿ ಸಾಲಿನಲ್ಲಿ ನಿಲ್ಲಬೇಕಾಗಿದೆ.
